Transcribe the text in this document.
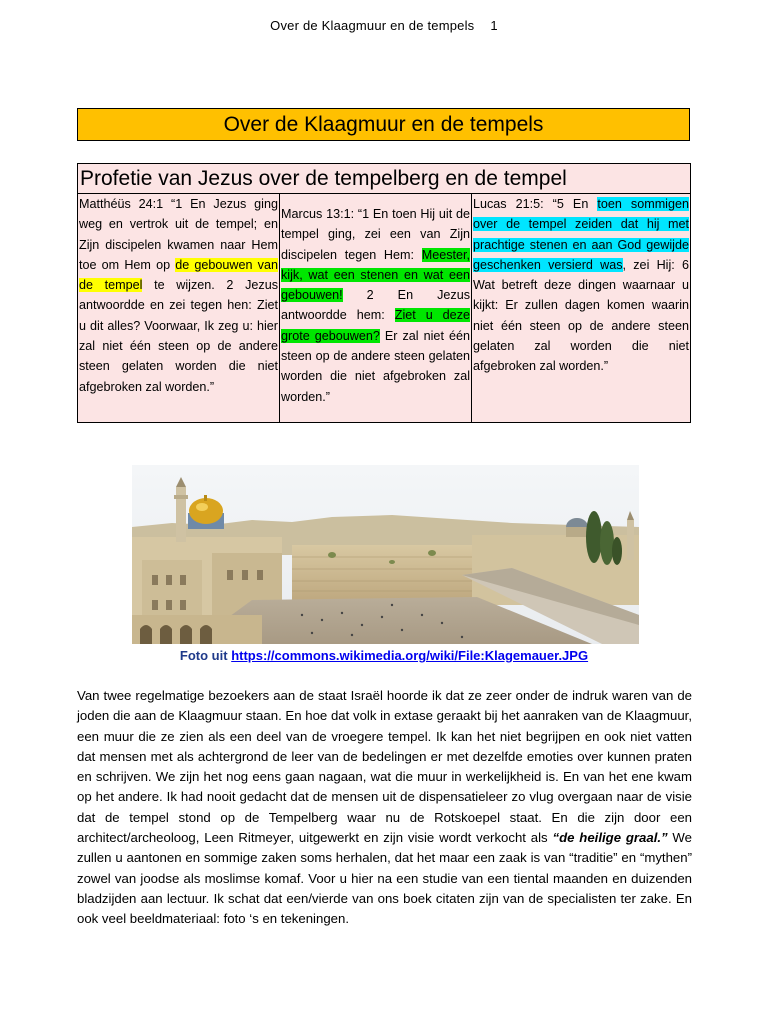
Over de Klaagmuur en de tempels 1
Over de Klaagmuur en de tempels
Profetie van Jezus over de tempelberg en de tempel
Matthéüs 24:1 “1 En Jezus ging weg en vertrok uit de tempel; en Zijn discipelen kwamen naar Hem toe om Hem op de gebouwen van de tempel te wijzen. 2 Jezus antwoordde en zei tegen hen: Ziet u dit alles? Voorwaar, Ik zeg u: hier zal niet één steen op de andere steen gelaten worden die niet afgebroken zal worden.”
Marcus 13:1: “1 En toen Hij uit de tempel ging, zei een van Zijn discipelen tegen Hem: Meester, kijk, wat een stenen en wat een gebouwen! 2 En Jezus antwoordde hem: Ziet u deze grote gebouwen? Er zal niet één steen op de andere steen gelaten worden die niet afgebroken zal worden.”
Lucas 21:5: “5 En toen sommigen over de tempel zeiden dat hij met prachtige stenen en aan God gewijde geschenken versierd was, zei Hij: 6 Wat betreft deze dingen waarnaar u kijkt: Er zullen dagen komen waarin niet één steen op de andere steen gelaten zal worden die niet afgebroken zal worden.”
Foto uit https://commons.wikimedia.org/wiki/File:Klagemauer.JPG
Van twee regelmatige bezoekers aan de staat Israël hoorde ik dat ze zeer onder de indruk waren van de joden die aan de Klaagmuur staan. En hoe dat volk in extase geraakt bij het aanraken van de Klaagmuur, een muur die ze zien als een deel van de vroegere tempel. Ik kan het niet begrijpen en ook niet vatten dat mensen met als achtergrond de leer van de bedelingen er met dezelfde emoties over kunnen praten en schrijven. We zijn het nog eens gaan nagaan, wat die muur in werkelijkheid is. En van het ene kwam op het andere. Ik had nooit gedacht dat de mensen uit de dispensatieleer zo vlug overgaan naar de visie dat de tempel stond op de Tempelberg waar nu de Rotskoepel staat. En die zijn door een architect/archeoloog, Leen Ritmeyer, uitgewerkt en zijn visie wordt verkocht als “de heilige graal.” We zullen u aantonen en sommige zaken soms herhalen, dat het maar een zaak is van “traditie” en “mythen” zowel van joodse als moslimse komaf. Voor u hier na een studie van een tiental maanden en duizenden bladzijden aan lectuur. Ik schat dat een/vierde van ons boek citaten zijn van de specialisten ter zake. En ook veel beeldmateriaal: foto ‘s en tekeningen.
